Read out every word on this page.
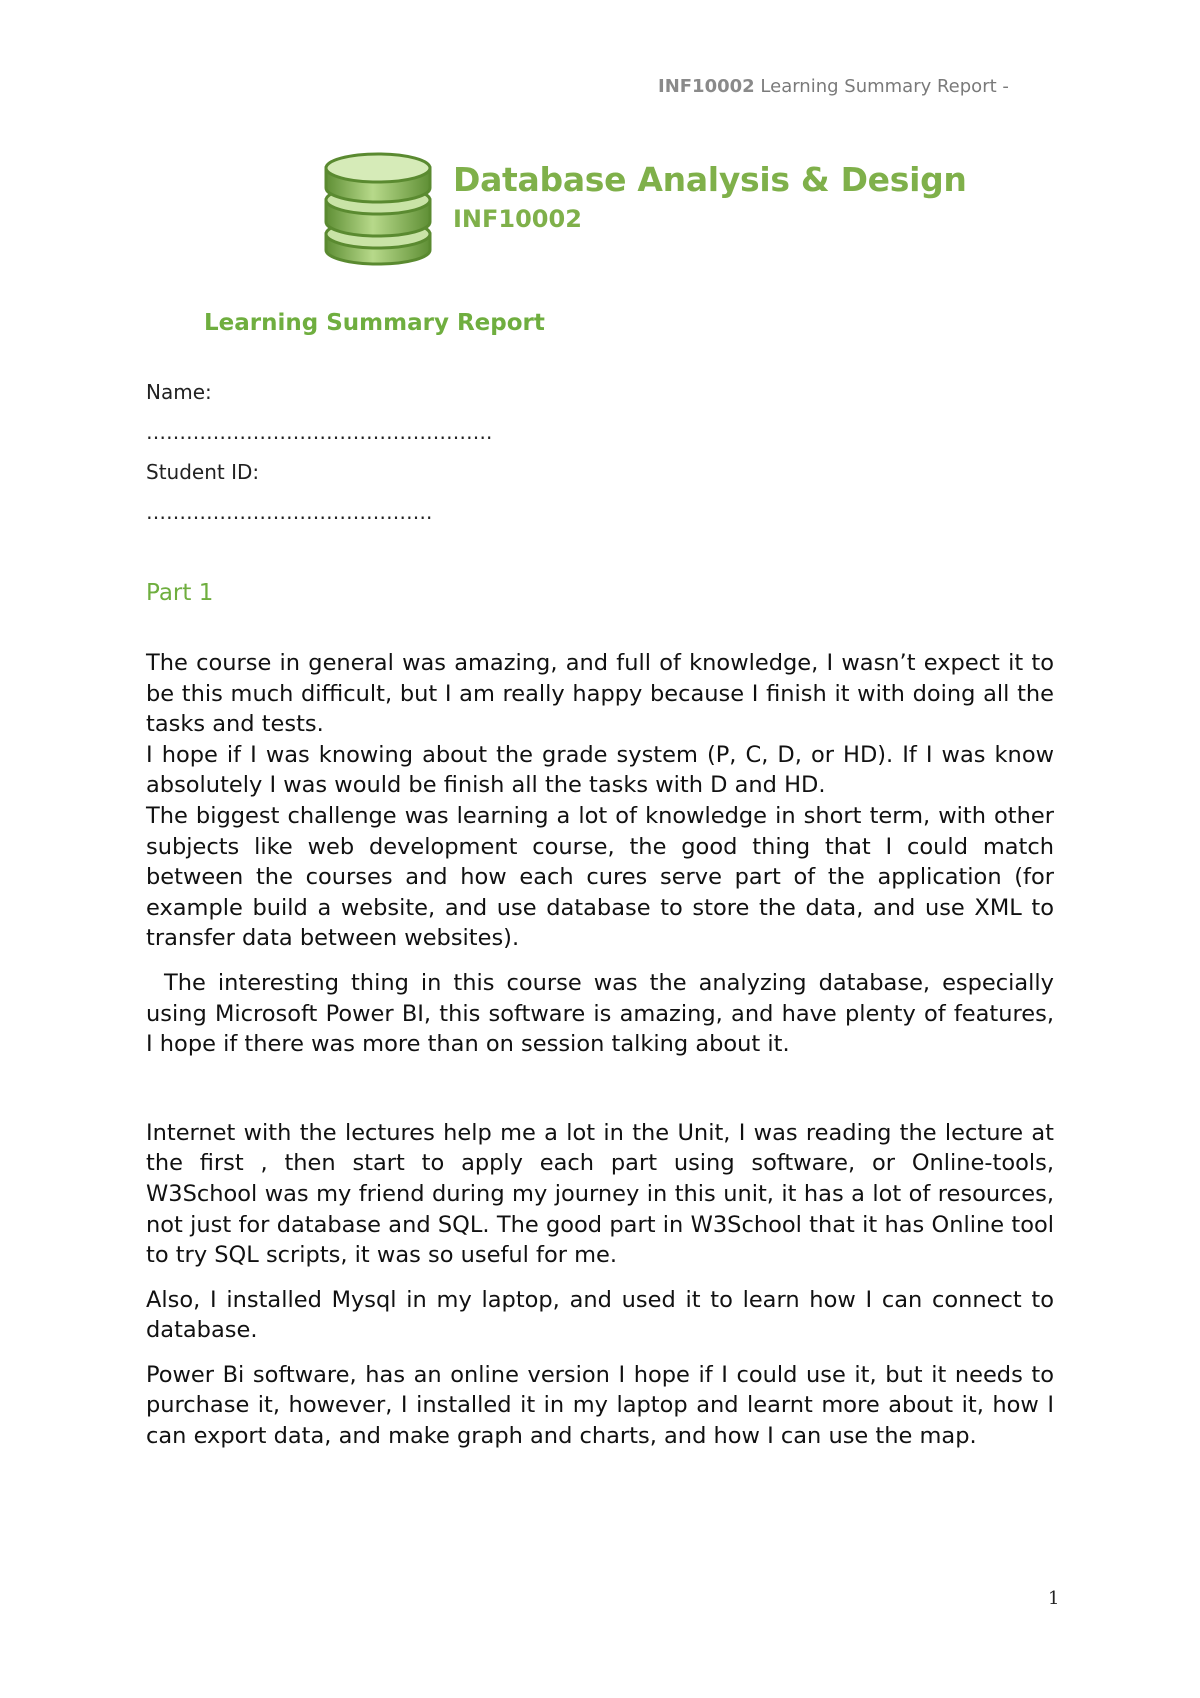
INF10002 Learning Summary Report -
Database Analysis & Design
INF10002
Learning Summary Report
Name:
…………………………………………….
Student ID:
…………………………………….
Part 1

The course in general was amazing, and full of knowledge, I wasn’t expect it to be this much difficult, but I am really happy because I finish it with doing all the tasks and tests.

I hope if I was knowing about the grade system (P, C, D, or HD). If I was know absolutely I was would be finish all the tasks with D and HD.

The biggest challenge was learning a lot of knowledge in short term, with other subjects like web development course, the good thing that I could match between the courses and how each cures serve part of the application (for example build a website, and use database to store the data, and use XML to transfer data between websites).

The interesting thing in this course was the analyzing database, especially using Microsoft Power BI, this software is amazing, and have plenty of features, I hope if there was more than on session talking about it.

Internet with the lectures help me a lot in the Unit, I was reading the lecture at the first , then start to apply each part using software, or Online-tools, W3School was my friend during my journey in this unit, it has a lot of resources, not just for database and SQL. The good part in W3School that it has Online tool to try SQL scripts, it was so useful for me.

Also, I installed Mysql in my laptop, and used it to learn how I can connect to database.

Power Bi software, has an online version I hope if I could use it, but it needs to purchase it, however, I installed it in my laptop and learnt more about it, how I can export data, and make graph and charts, and how I can use the map.

1
